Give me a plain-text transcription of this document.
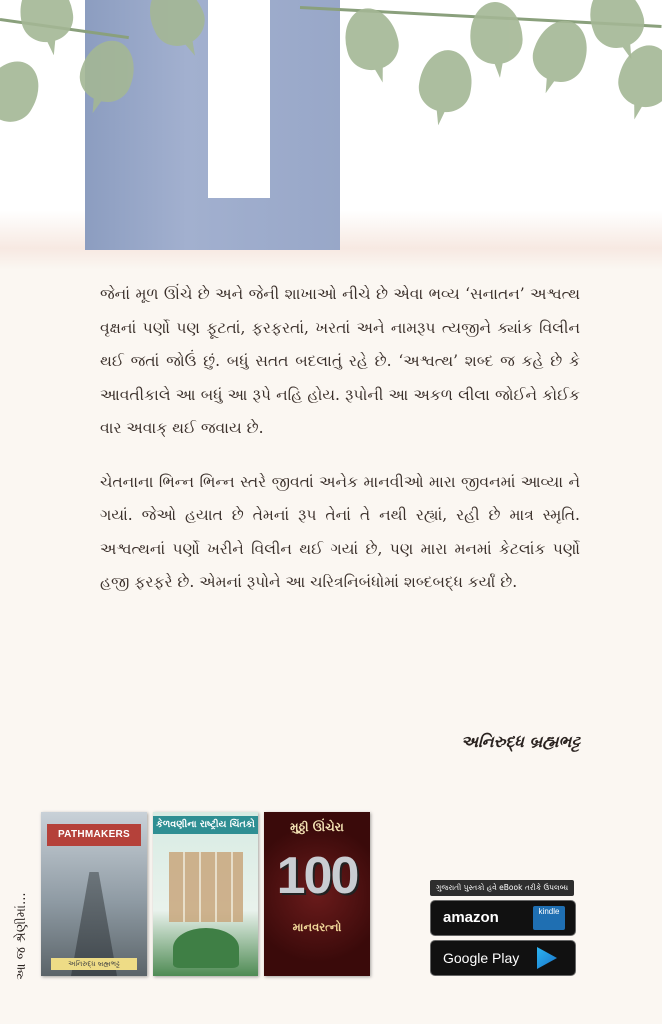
જેનાં મૂળ ઊંચે છે અને જેની શાખાઓ નીચે છે એવા ભવ્ય ‘સનાતન’ અશ્વત્થ વૃક્ષનાં પર્ણો પણ ફૂટતાં, ફરફરતાં, ખરતાં અને નામરૂપ ત્યજીને ક્યાંક વિલીન થઈ જતાં જોઉં છું. બધું સતત બદલાતું રહે છે. ‘અશ્વત્થ’ શબ્દ જ કહે છે કે આવતીકાલે આ બધું આ રૂપે નહિ હોય. રૂપોની આ અકળ લીલા જોઈને કોઈક વાર અવાક્ થઈ જવાય છે.

ચેતનાના ભિન્ન ભિન્ન સ્તરે જીવતાં અનેક માનવીઓ મારા જીવનમાં આવ્યા ને ગયાં. જેઓ હયાત છે તેમનાં રૂપ તેનાં તે નથી રહ્યાં, રહી છે માત્ર સ્મૃતિ. અશ્વત્થનાં પર્ણો ખરીને વિલીન થઈ ગયાં છે, પણ મારા મનમાં કેટલાંક પર્ણો હજી ફરફરે છે. એમનાં રૂપોને આ ચરિત્રનિબંધોમાં શબ્દબદ્ધ કર્યાં છે.

અનિરુદ્ધ બ્રહ્મભટ્ટ
આ જ શ્રેણીમાં...
PATHMAKERS
અનિરુદ્ધ બ્રહ્મભટ્ટ
કેળવણીના રાષ્ટ્રીય ચિંતકો	મુઠ્ઠી ઊંચેરા
100
માનવરત્નો
ગુજરાતી પુસ્તકો હવે eBook તરીકે ઉપલબ્ધ
amazon	kindle
Google Play
